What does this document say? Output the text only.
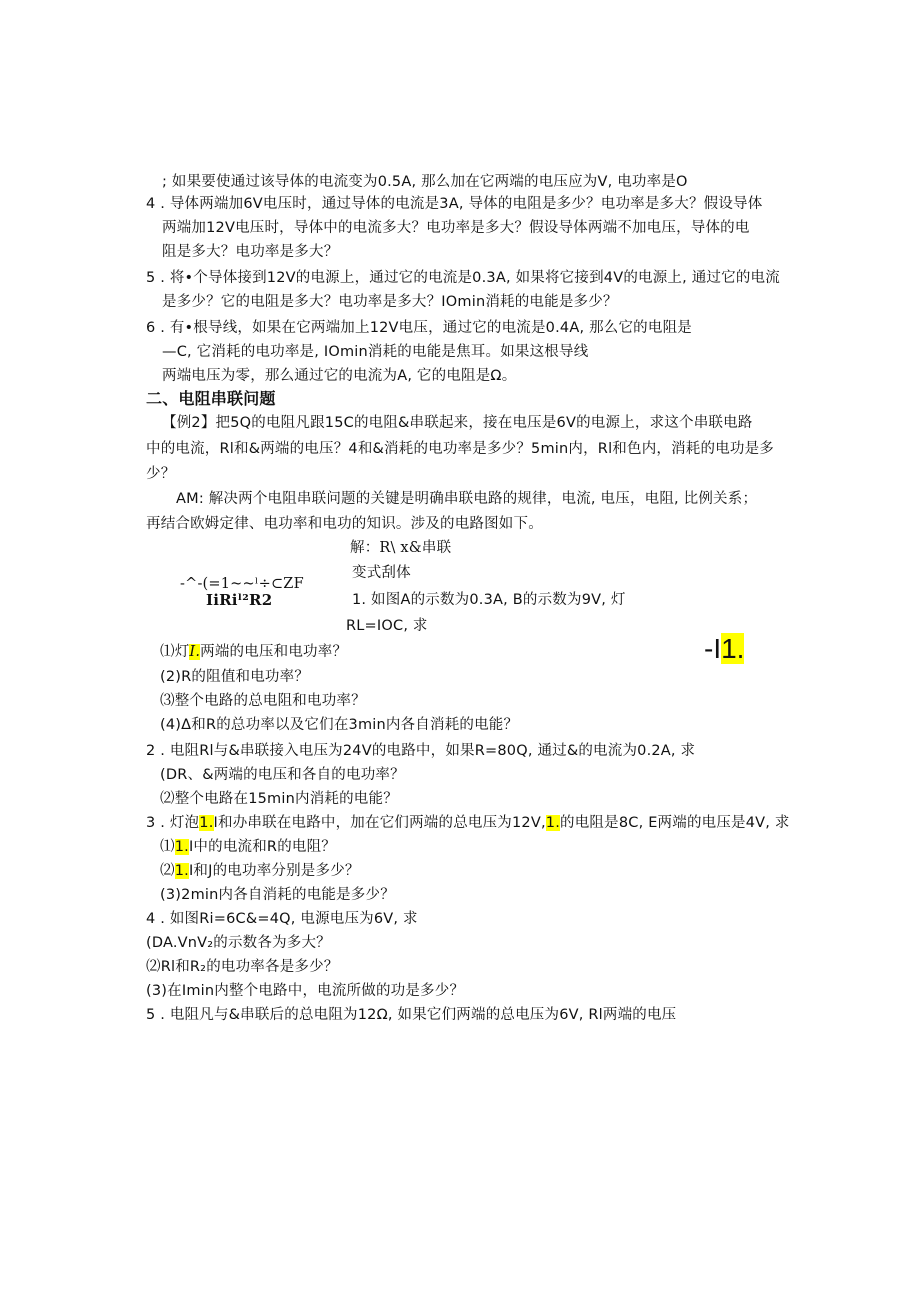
; 如果要使通过该导体的电流变为0.5A, 那么加在它两端的电压应为V, 电功率是O
4 . 导体两端加6V电压时，通过导体的电流是3A, 导体的电阻是多少？电功率是多大？假设导体
两端加12V电压时，导体中的电流多大？电功率是多大？假设导体两端不加电压，导体的电
阻是多大？电功率是多大？
5 . 将•个导体接到12V的电源上，通过它的电流是0.3A, 如果将它接到4V的电源上, 通过它的电流
是多少？它的电阻是多大？电功率是多大？IOmin消耗的电能是多少？
6 . 有•根导线，如果在它两端加上12V电压，通过它的电流是0.4A, 那么它的电阻是
—C, 它消耗的电功率是, IOmin消耗的电能是焦耳。如果这根导线
两端电压为零，那么通过它的电流为A, 它的电阻是Ω。
二、电阻串联问题
【例2】把5Q的电阻凡跟15C的电阻&串联起来，接在电压是6V的电源上，求这个串联电路
中的电流，Rl和&两端的电压？4和&消耗的电功率是多少？5min内，Rl和色内，消耗的电功是多
少？
AM: 解决两个电阻串联问题的关键是明确串联电路的规律，电流, 电压，电阻, 比例关系；
再结合欧姆定律、电功率和电功的知识。涉及的电路图如下。
解：R\ x&串联
-^-(=1~~ˡ÷⊂ZF
IiRiˡ²R2
变式刮体
1. 如图A的示数为0.3A, B的示数为9V, 灯
RL=IOC, 求
⑴灯I.两端的电压和电功率？	-I1.
(2)R的阻值和电功率？
⑶整个电路的总电阻和电功率？
(4)Δ和R的总功率以及它们在3min内各自消耗的电能？
2 . 电阻Rl与&串联接入电压为24V的电路中，如果R=80Q, 通过&的电流为0.2A, 求
(DR、&两端的电压和各自的电功率？
⑵整个电路在15min内消耗的电能？
3 . 灯泡1.I和办串联在电路中，加在它们两端的总电压为12V,1.的电阻是8C, E两端的电压是4V, 求
⑴1.I中的电流和R的电阻？
⑵1.I和J的电功率分别是多少？
(3)2min内各自消耗的电能是多少？
4 . 如图Ri=6C&=4Q, 电源电压为6V, 求
(DA.VnV₂的示数各为多大？
⑵Rl和R₂的电功率各是多少？
(3)在Imin内整个电路中，电流所做的功是多少？
5 . 电阻凡与&串联后的总电阻为12Ω, 如果它们两端的总电压为6V, Rl两端的电压
